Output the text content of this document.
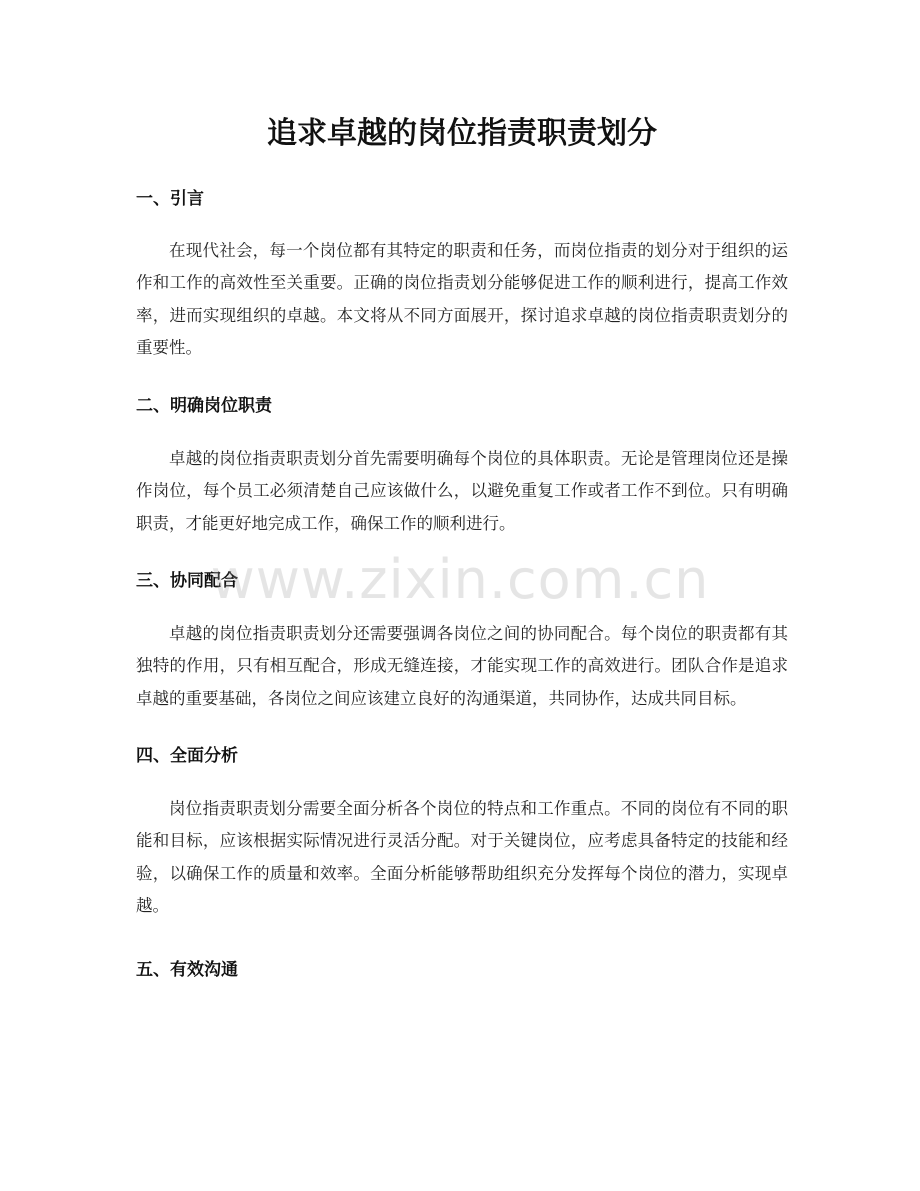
追求卓越的岗位指责职责划分
一、引言

在现代社会，每一个岗位都有其特定的职责和任务，而岗位指责的划分对于组织的运作和工作的高效性至关重要。正确的岗位指责划分能够促进工作的顺利进行，提高工作效率，进而实现组织的卓越。本文将从不同方面展开，探讨追求卓越的岗位指责职责划分的重要性。

二、明确岗位职责

卓越的岗位指责职责划分首先需要明确每个岗位的具体职责。无论是管理岗位还是操作岗位，每个员工必须清楚自己应该做什么，以避免重复工作或者工作不到位。只有明确职责，才能更好地完成工作，确保工作的顺利进行。

三、协同配合

卓越的岗位指责职责划分还需要强调各岗位之间的协同配合。每个岗位的职责都有其独特的作用，只有相互配合，形成无缝连接，才能实现工作的高效进行。团队合作是追求卓越的重要基础，各岗位之间应该建立良好的沟通渠道，共同协作，达成共同目标。

四、全面分析

岗位指责职责划分需要全面分析各个岗位的特点和工作重点。不同的岗位有不同的职能和目标，应该根据实际情况进行灵活分配。对于关键岗位，应考虑具备特定的技能和经验，以确保工作的质量和效率。全面分析能够帮助组织充分发挥每个岗位的潜力，实现卓越。

五、有效沟通
www.zixin.com.cn
